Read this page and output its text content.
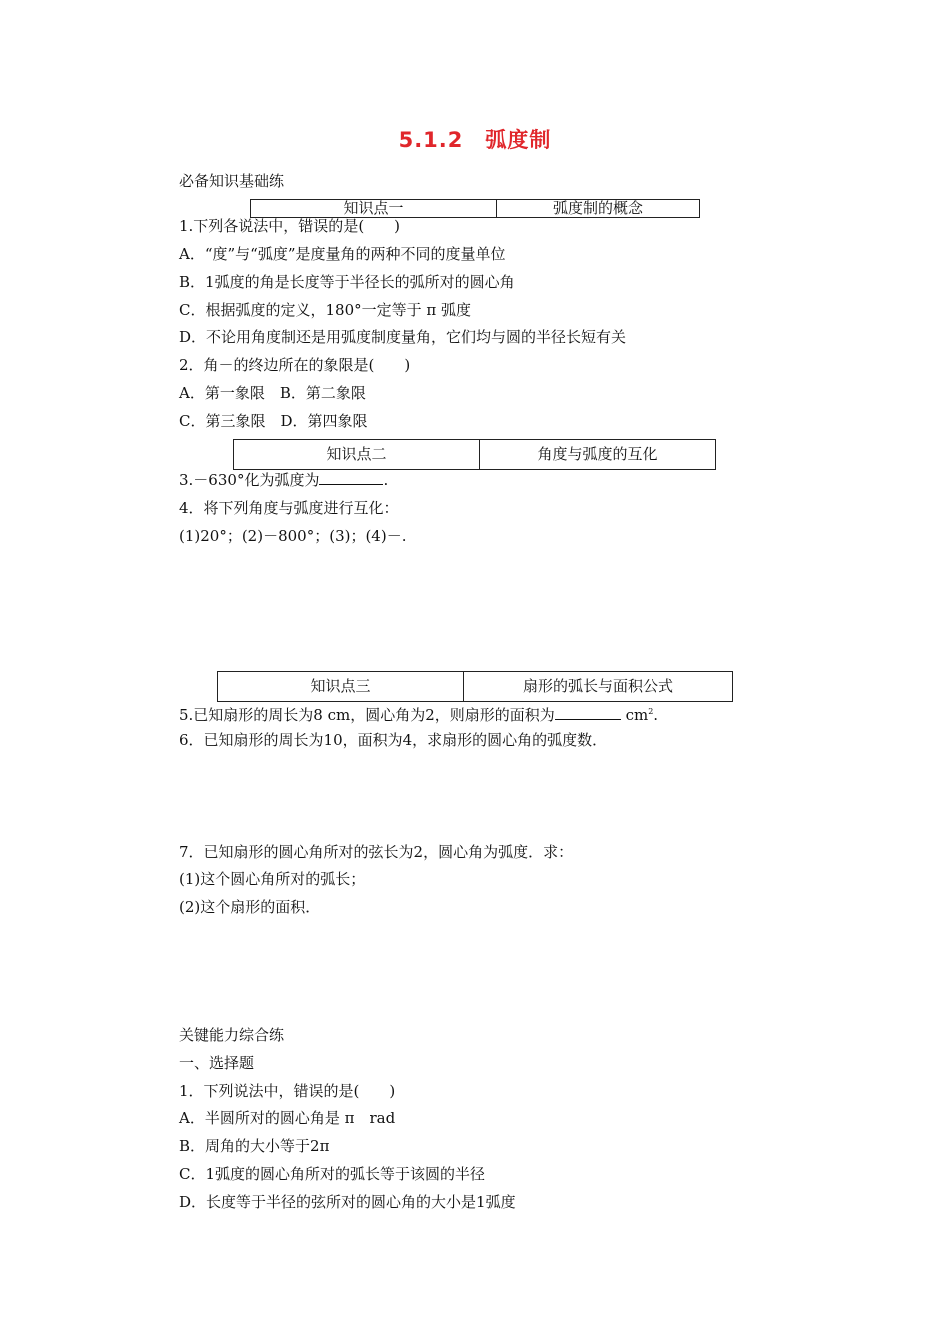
5.1.2　弧度制
必备知识基础练
知识点一	弧度制的概念
1.下列各说法中，错误的是(　　)
A．“度”与“弧度”是度量角的两种不同的度量单位
B．1弧度的角是长度等于半径长的弧所对的圆心角
C．根据弧度的定义，180°一定等于 π 弧度
D．不论用角度制还是用弧度制度量角，它们均与圆的半径长短有关
2．角－的终边所在的象限是(　　)
A．第一象限　B．第二象限
C．第三象限　D．第四象限
知识点二	角度与弧度的互化
3.－630°化为弧度为	.
4．将下列角度与弧度进行互化：
(1)20°；(2)－800°；(3)；(4)－.
知识点三	扇形的弧长与面积公式
5.已知扇形的周长为8 cm，圆心角为2，则扇形的面积为	$cm^2$.
6．已知扇形的周长为10，面积为4，求扇形的圆心角的弧度数．
7．已知扇形的圆心角所对的弦长为2，圆心角为弧度．求：
(1)这个圆心角所对的弧长；
(2)这个扇形的面积．
关键能力综合练
一、选择题
1．下列说法中，错误的是(　　)
A．半圆所对的圆心角是 π　rad
B．周角的大小等于2π
C．1弧度的圆心角所对的弧长等于该圆的半径
D．长度等于半径的弦所对的圆心角的大小是1弧度
